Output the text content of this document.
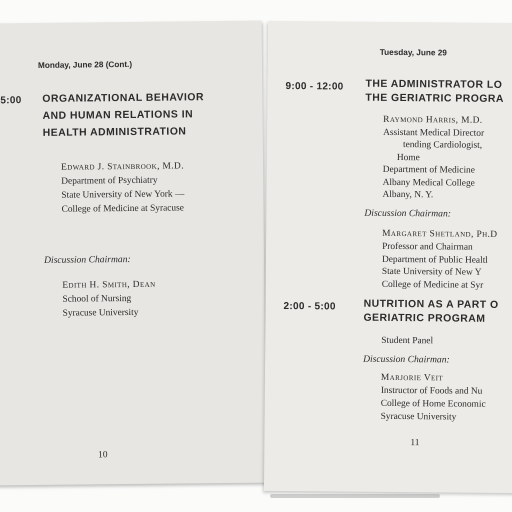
Monday, June 28 (Cont.)
5:00 ORGANIZATIONAL BEHAVIOR
AND HUMAN RELATIONS IN
HEALTH ADMINISTRATION
Edward J. Stainbrook, M.D.
Department of Psychiatry
State University of New York —
College of Medicine at Syracuse
Discussion Chairman:
Edith H. Smith, Dean
School of Nursing
Syracuse University
10
Tuesday, June 29
9:00 - 12:00 THE ADMINISTRATOR LO
THE GERIATRIC PROGRA
Raymond Harris, M.D.
Assistant Medical Director
tending Cardiologist,
Home
Department of Medicine
Albany Medical College
Albany, N. Y.
Discussion Chairman:
Margaret Shetland, Ph.D
Professor and Chairman
Department of Public Healtl
State University of New Y
College of Medicine at Syr
2:00 - 5:00	NUTRITION AS A PART O
GERIATRIC PROGRAM
Student Panel
Discussion Chairman:
Marjorie Veit
Instructor of Foods and Nu
College of Home Economic
Syracuse University
11
